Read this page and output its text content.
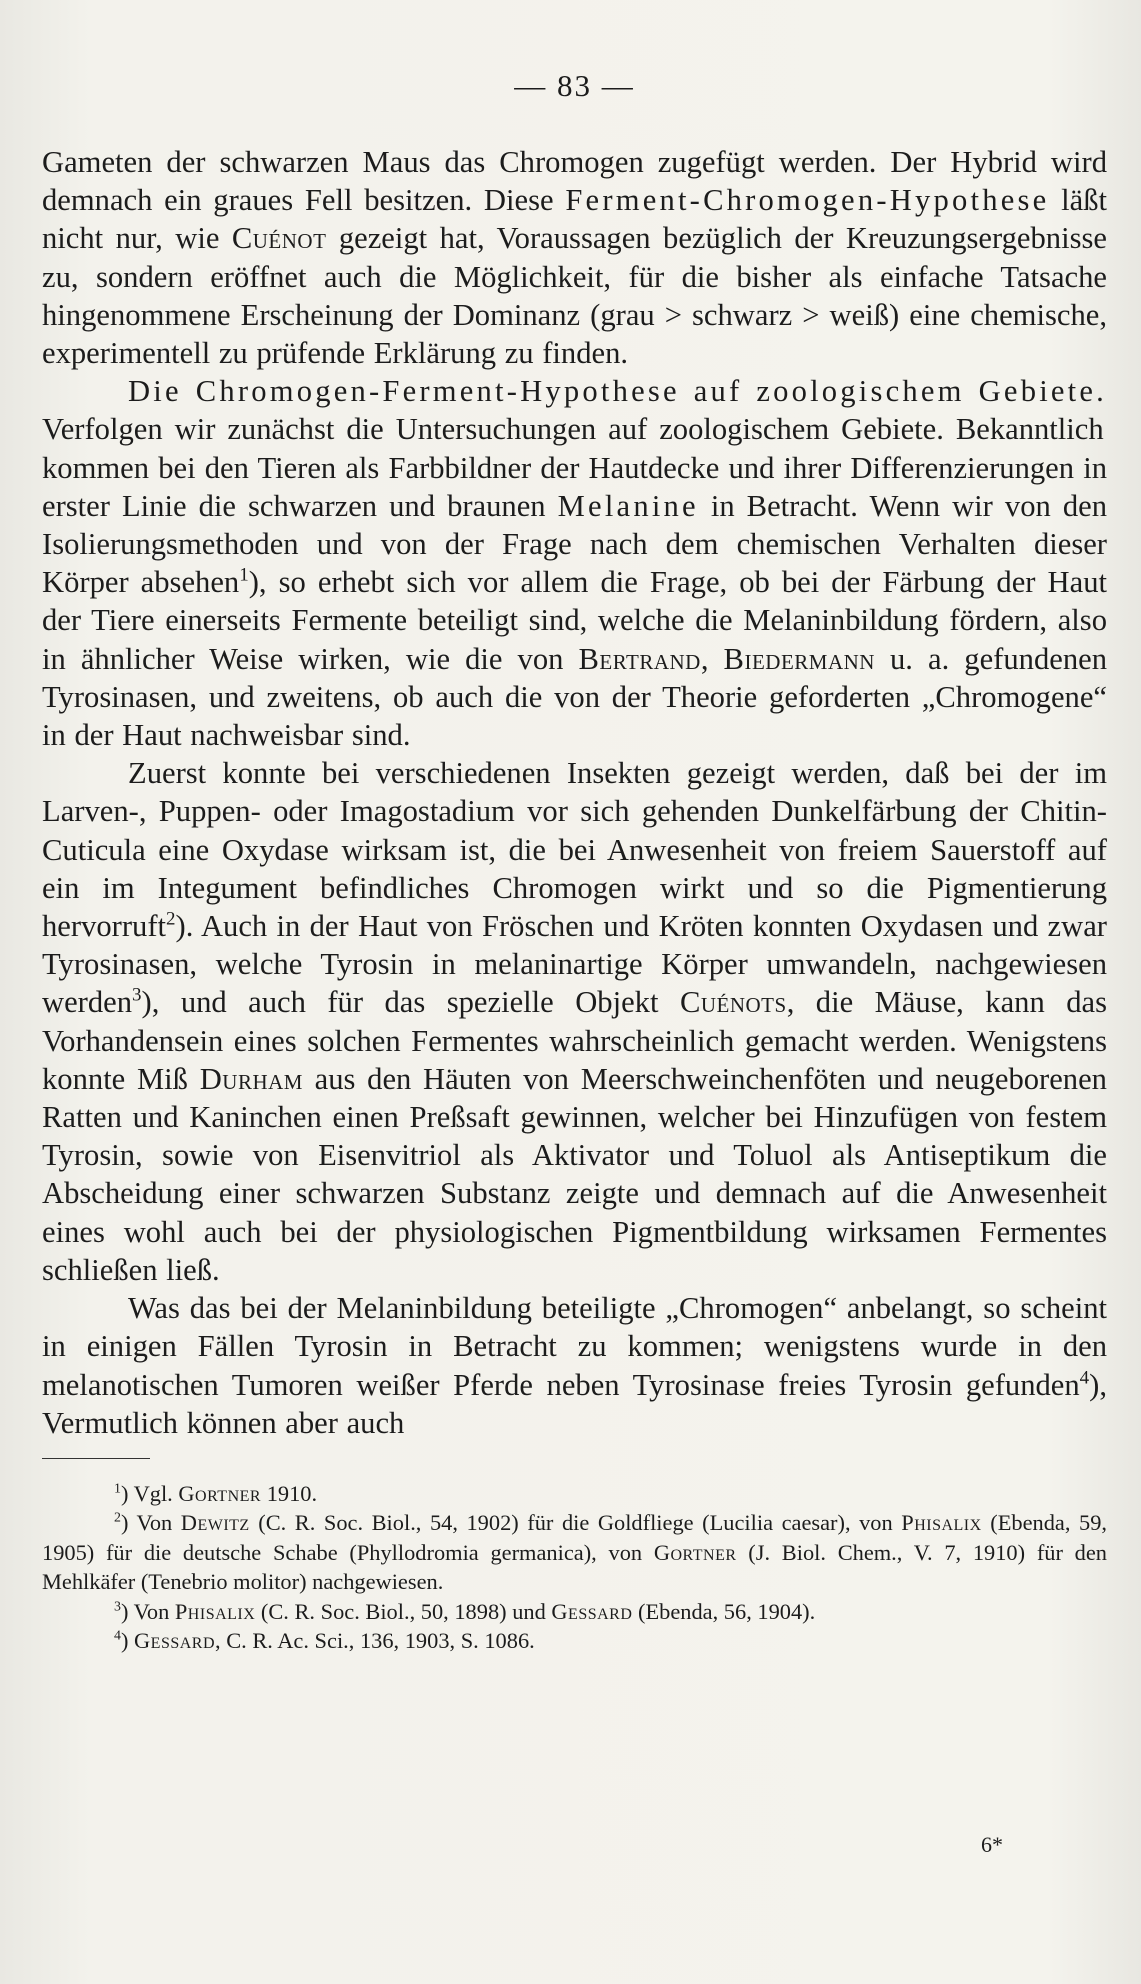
— 83 —

Gameten der schwarzen Maus das Chromogen zugefügt werden. Der Hybrid wird demnach ein graues Fell besitzen. Diese Ferment-Chromogen-Hypothese läßt nicht nur, wie Cuénot gezeigt hat, Voraussagen bezüglich der Kreuzungsergebnisse zu, sondern eröffnet auch die Möglichkeit, für die bisher als einfache Tatsache hingenommene Erscheinung der Dominanz (grau > schwarz > weiß) eine chemische, experimentell zu prüfende Erklärung zu finden.

Die Chromogen-Ferment-Hypothese auf zoologischem Gebiete. Verfolgen wir zunächst die Untersuchungen auf zoologischem Gebiete. Bekanntlich kommen bei den Tieren als Farbbildner der Hautdecke und ihrer Differenzierungen in erster Linie die schwarzen und braunen Melanine in Betracht. Wenn wir von den Isolierungsmethoden und von der Frage nach dem chemischen Verhalten dieser Körper absehen$^1$), so erhebt sich vor allem die Frage, ob bei der Färbung der Haut der Tiere einerseits Fermente beteiligt sind, welche die Melaninbildung fördern, also in ähnlicher Weise wirken, wie die von Bertrand, Biedermann u. a. gefundenen Tyrosinasen, und zweitens, ob auch die von der Theorie geforderten „Chromogene“ in der Haut nachweisbar sind.

Zuerst konnte bei verschiedenen Insekten gezeigt werden, daß bei der im Larven-, Puppen- oder Imagostadium vor sich gehenden Dunkelfärbung der Chitin-Cuticula eine Oxydase wirksam ist, die bei Anwesenheit von freiem Sauerstoff auf ein im Integument befindliches Chromogen wirkt und so die Pigmentierung hervorruft$^2$). Auch in der Haut von Fröschen und Kröten konnten Oxydasen und zwar Tyrosinasen, welche Tyrosin in melaninartige Körper umwandeln, nachgewiesen werden$^3$), und auch für das spezielle Objekt Cuénots, die Mäuse, kann das Vorhandensein eines solchen Fermentes wahrscheinlich gemacht werden. Wenigstens konnte Miß Durham aus den Häuten von Meerschweinchenföten und neugeborenen Ratten und Kaninchen einen Preßsaft gewinnen, welcher bei Hinzufügen von festem Tyrosin, sowie von Eisenvitriol als Aktivator und Toluol als Antiseptikum die Abscheidung einer schwarzen Substanz zeigte und demnach auf die Anwesenheit eines wohl auch bei der physiologischen Pigmentbildung wirksamen Fermentes schließen ließ.

Was das bei der Melaninbildung beteiligte „Chromogen“ anbelangt, so scheint in einigen Fällen Tyrosin in Betracht zu kommen; wenigstens wurde in den melanotischen Tumoren weißer Pferde neben Tyrosinase freies Tyrosin gefunden$^4$), Vermutlich können aber auch

$^1$) Vgl. Gortner 1910.

$^2$) Von Dewitz (C. R. Soc. Biol., 54, 1902) für die Goldfliege (Lucilia caesar), von Phisalix (Ebenda, 59, 1905) für die deutsche Schabe (Phyllodromia germanica), von Gortner (J. Biol. Chem., V. 7, 1910) für den Mehlkäfer (Tenebrio molitor) nachgewiesen.

$^3$) Von Phisalix (C. R. Soc. Biol., 50, 1898) und Gessard (Ebenda, 56, 1904).

$^4$) Gessard, C. R. Ac. Sci., 136, 1903, S. 1086.

6*
